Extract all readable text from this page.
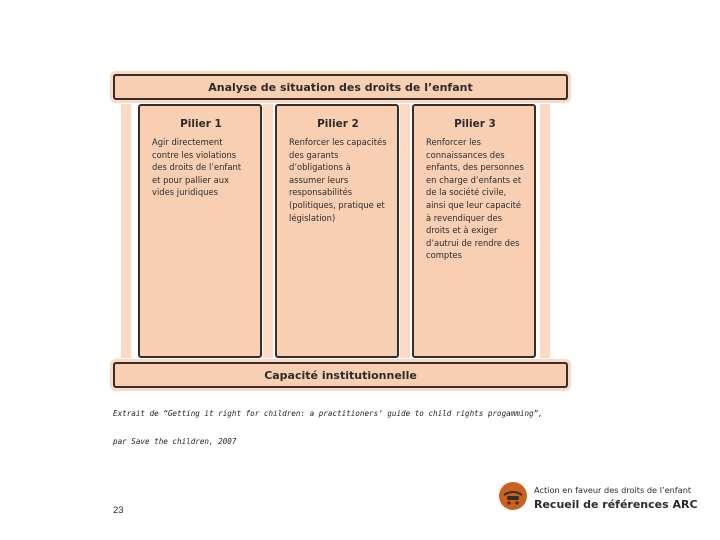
Analyse de situation des droits de l’enfant
Pilier 1
Agir directement contre les violations des droits de l’enfant et pour pallier aux vides juridiques
Pilier 2
Renforcer les capacités des garants d’obligations à assumer leurs responsabilités (politiques, pratique et législation)
Pilier 3
Renforcer les connaissances des enfants, des personnes en charge d’enfants et de la société civile, ainsi que leur capacité à revendiquer des droits et à exiger d’autrui de rendre des comptes
Capacité institutionnelle
Extrait de “Getting it right for children: a practitioners’ guide to child rights progamming”,
par Save the children, 2007
23
Action en faveur des droits de l’enfant
Recueil de références ARC
